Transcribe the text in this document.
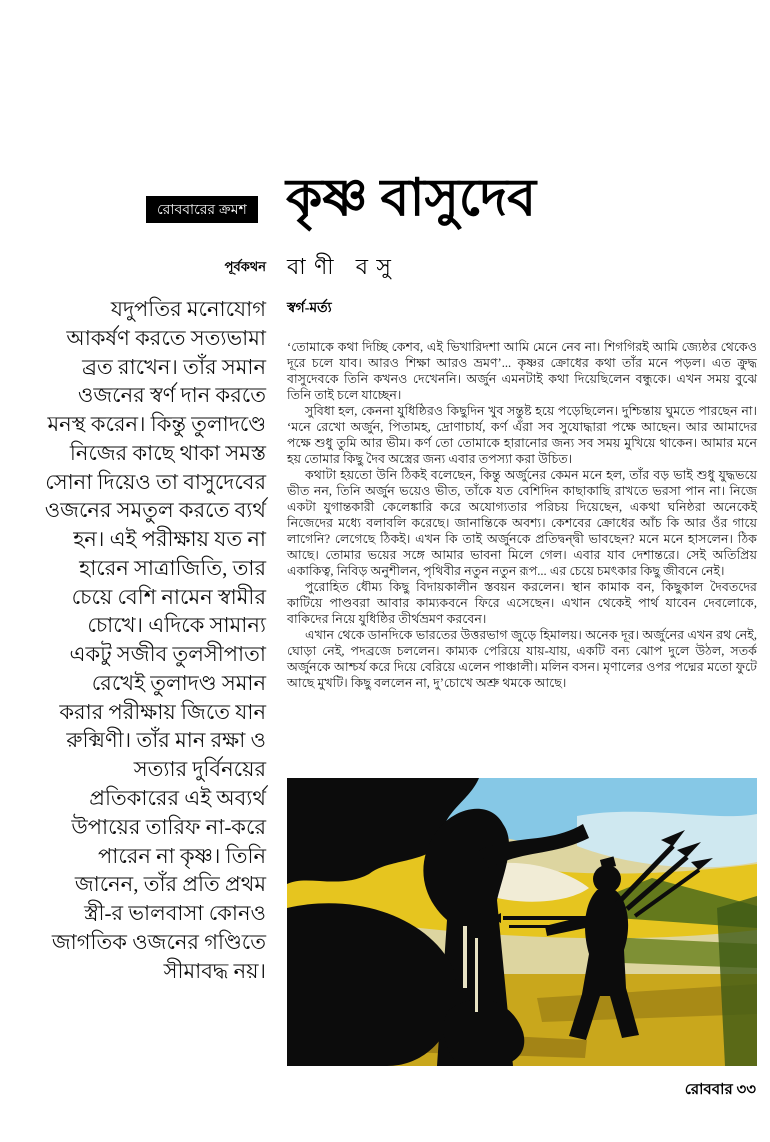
রোববারের ক্রমশ কৃষ্ণ বাসুদেব
পূর্বকথন
যদুপতির মনোযোগ আকর্ষণ করতে সত্যভামা ব্রত রাখেন। তাঁর সমান ওজনের স্বর্ণ দান করতে মনস্থ করেন। কিন্তু তুলাদণ্ডে নিজের কাছে থাকা সমস্ত সোনা দিয়েও তা বাসুদেবের ওজনের সমতুল করতে ব্যর্থ হন। এই পরীক্ষায় যত না হারেন সাত্রাজিতি, তার চেয়ে বেশি নামেন স্বামীর চোখে। এদিকে সামান্য একটু সজীব তুলসীপাতা রেখেই তুলাদণ্ড সমান করার পরীক্ষায় জিতে যান রুক্মিণী। তাঁর মান রক্ষা ও সত্যার দুর্বিনয়ের প্রতিকারের এই অব্যর্থ উপায়ের তারিফ না-করে পারেন না কৃষ্ণ। তিনি জানেন, তাঁর প্রতি প্রথম স্ত্রী-র ভালবাসা কোনও জাগতিক ওজনের গণ্ডিতে সীমাবদ্ধ নয়।
বাণী বসু
স্বর্গ-মর্ত্য

‘তোমাকে কথা দিচ্ছি কেশব, এই ভিখারিদশা আমি মেনে নেব না। শিগগিরই আমি জ্যেষ্ঠর থেকেও দূরে চলে যাব। আরও শিক্ষা আরও ভ্রমণ’... কৃষ্ণর ক্রোধের কথা তাঁর মনে পড়ল। এত ক্রুদ্ধ বাসুদেবকে তিনি কখনও দেখেননি। অর্জুন এমনটাই কথা দিয়েছিলেন বন্ধুকে। এখন সময় বুঝে তিনি তাই চলে যাচ্ছেন।

সুবিধা হল, কেননা যুধিষ্ঠিরও কিছুদিন খুব সন্তুষ্ট হয়ে পড়েছিলেন। দুশ্চিন্তায় ঘুমতে পারছেন না। ‘মনে রেখো অর্জুন, পিতামহ, দ্রোণাচার্য, কর্ণ এঁরা সব সুযোদ্ধারা পক্ষে আছেন। আর আমাদের পক্ষে শুধু তুমি আর ভীম। কর্ণ তো তোমাকে হারানোর জন্য সব সময় মুখিয়ে থাকেন। আমার মনে হয় তোমার কিছু দৈব অস্ত্রের জন্য এবার তপস্যা করা উচিত।

কথাটা হয়তো উনি ঠিকই বলেছেন, কিন্তু অর্জুনের কেমন মনে হল, তাঁর বড় ভাই শুধু যুদ্ধভয়ে ভীত নন, তিনি অর্জুন ভয়েও ভীত, তাঁকে যত বেশিদিন কাছাকাছি রাখতে ভরসা পান না। নিজে একটা যুগান্তকারী কেলেঙ্কারি করে অযোগ্যতার পরিচয় দিয়েছেন, একথা ঘনিষ্ঠরা অনেকেই নিজেদের মধ্যে বলাবলি করেছে। জানান্তিকে অবশ্য। কেশবের ক্রোধের আঁচ কি আর ওঁর গায়ে লাগেনি? লেগেছে ঠিকই। এখন কি তাই অর্জুনকে প্রতিদ্বন্দ্বী ভাবছেন? মনে মনে হাসলেন। ঠিক আছে। তোমার ভয়ের সঙ্গে আমার ভাবনা মিলে গেল। এবার যাব দেশান্তরে। সেই অতিপ্রিয় একাকিত্ব, নিবিড় অনুশীলন, পৃথিবীর নতুন নতুন রূপ... এর চেয়ে চমৎকার কিছু জীবনে নেই।

পুরোহিত ধৌম্য কিছু বিদায়কালীন স্তবয়ন করলেন। স্থান কামাক বন, কিছুকাল দৈবতদের কাটিয়ে পাণ্ডবরা আবার কাম্যকবনে ফিরে এসেছেন। এখান থেকেই পার্থ যাবেন দেবলোকে, বাকিদের নিয়ে যুধিষ্ঠির তীর্থভ্রমণ করবেন।

এখান থেকে ডানদিকে ভারতের উত্তরভাগ জুড়ে হিমালয়। অনেক দূর। অর্জুনের এখন রথ নেই, ঘোড়া নেই, পদব্রজে চললেন। কাম্যক পেরিয়ে যায়-যায়, একটি বন্য ঝোপ দুলে উঠল, সতর্ক অর্জুনকে আশ্চর্য করে দিয়ে বেরিয়ে এলেন পাঞ্চালী। মলিন বসন। মৃণালের ওপর পদ্মের মতো ফুটে আছে মুখটি। কিছু বললেন না, দু’চোখে অশ্রু থমকে আছে।

রোববার ৩৩
